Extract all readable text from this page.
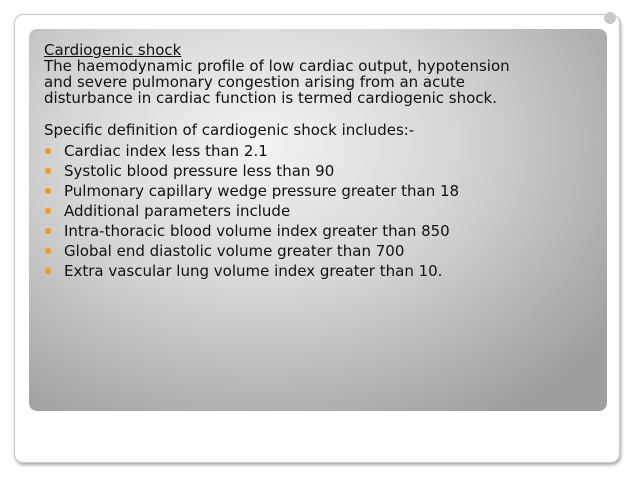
Cardiogenic shock

The haemodynamic profile of low cardiac output, hypotension

and severe pulmonary congestion arising from an acute

disturbance in cardiac function is termed cardiogenic shock.

Specific definition of cardiogenic shock includes:-

Cardiac index less than 2.1
Systolic blood pressure less than 90
Pulmonary capillary wedge pressure greater than 18
Additional parameters include
Intra-thoracic blood volume index greater than 850
Global end diastolic volume greater than 700
Extra vascular lung volume index greater than 10.
